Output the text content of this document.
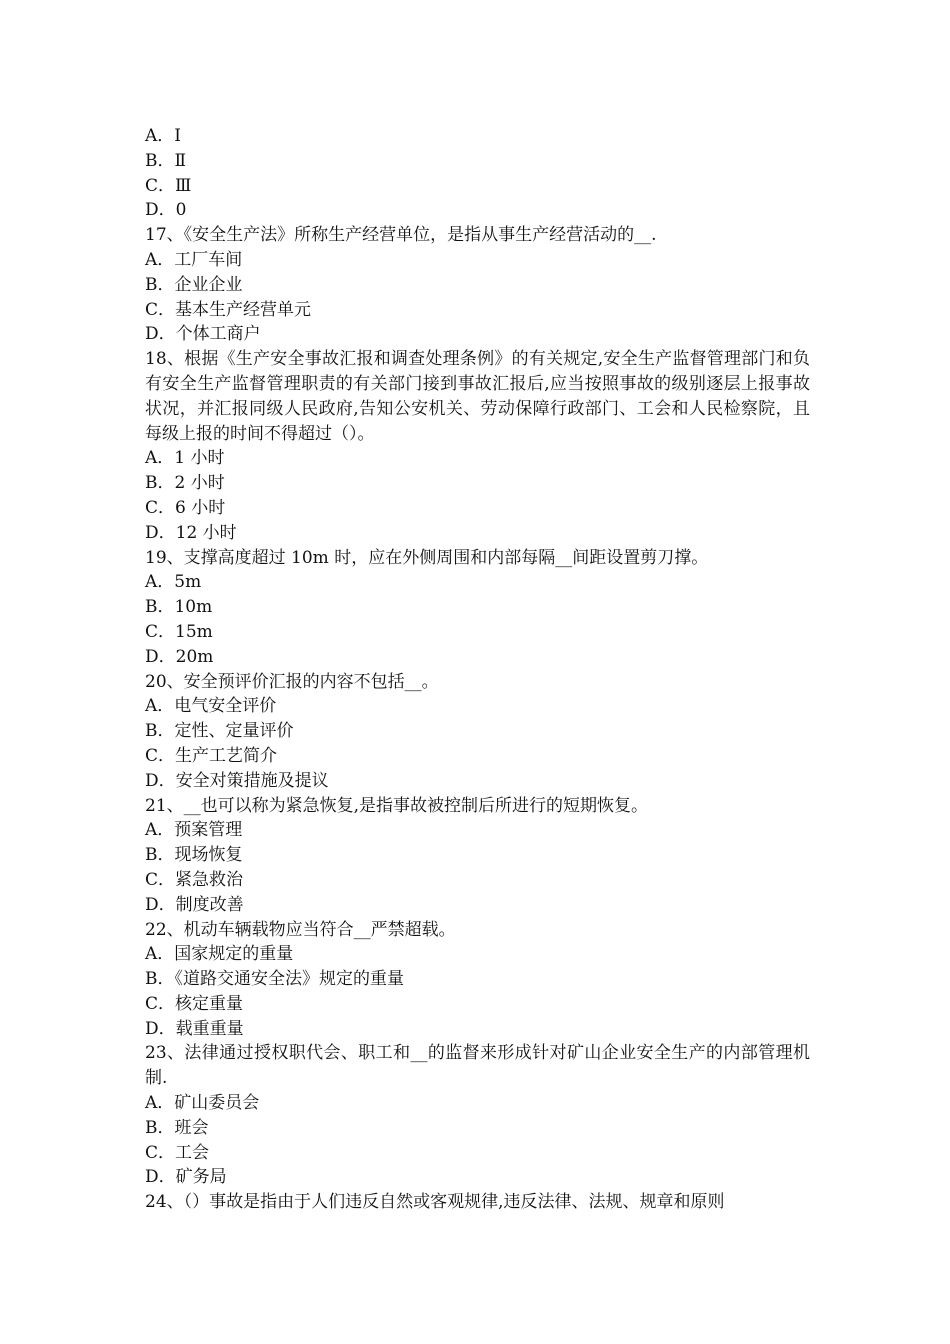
A．Ⅰ

B．Ⅱ

C．Ⅲ

D．0

17、《安全生产法》所称生产经营单位，是指从事生产经营活动的__.

A．工厂车间

B．企业企业

C．基本生产经营单元

D．个体工商户

18、根据《生产安全事故汇报和调查处理条例》的有关规定,安全生产监督管理部门和负有安全生产监督管理职责的有关部门接到事故汇报后,应当按照事故的级别逐层上报事故状况，并汇报同级人民政府,告知公安机关、劳动保障行政部门、工会和人民检察院，且每级上报的时间不得超过（）。

A．1 小时

B．2 小时

C．6 小时

D．12 小时

19、支撑高度超过 10m 时，应在外侧周围和内部每隔__间距设置剪刀撑。

A．5m

B．10m

C．15m

D．20m

20、安全预评价汇报的内容不包括__。

A．电气安全评价

B．定性、定量评价

C．生产工艺简介

D．安全对策措施及提议

21、__也可以称为紧急恢复,是指事故被控制后所进行的短期恢复。

A．预案管理

B．现场恢复

C．紧急救治

D．制度改善

22、机动车辆载物应当符合__严禁超载。

A．国家规定的重量

B．《道路交通安全法》规定的重量

C．核定重量

D．载重重量

23、法律通过授权职代会、职工和__的监督来形成针对矿山企业安全生产的内部管理机制.

A．矿山委员会

B．班会

C．工会

D．矿务局

24、（）事故是指由于人们违反自然或客观规律,违反法律、法规、规章和原则
